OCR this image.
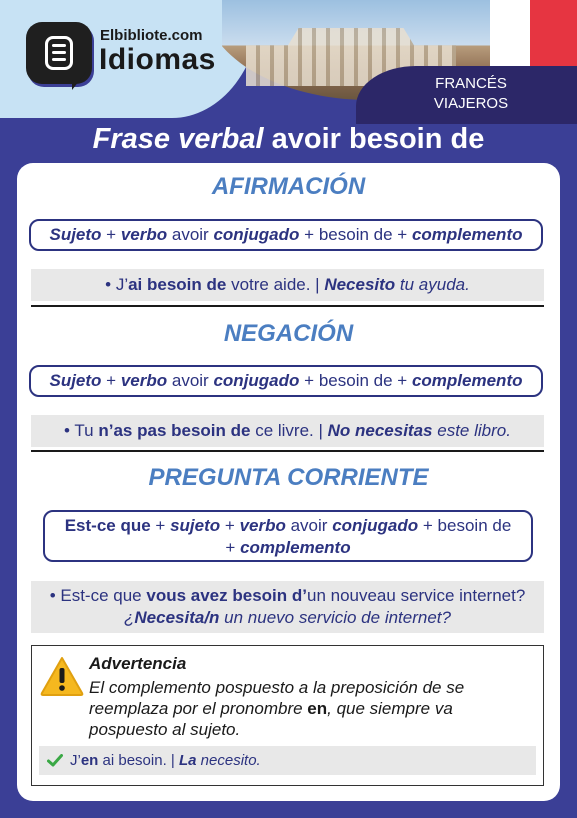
FRANCÉS
VIAJEROS
Elbibliote.com
Idiomas
Frase verbal avoir besoin de
AFIRMACIÓN
Sujeto + verbo avoir conjugado + besoin de + complemento
• J’ai besoin de votre aide. | Necesito tu ayuda.
NEGACIÓN
Sujeto + verbo avoir conjugado + besoin de + complemento
• Tu n’as pas besoin de ce livre. | No necesitas este libro.
PREGUNTA CORRIENTE
Est-ce que + sujeto + verbo avoir conjugado + besoin de
+ complemento
• Est-ce que vous avez besoin d’un nouveau service internet?
¿Necesita/n un nuevo servicio de internet?
Advertencia
El complemento pospuesto a la preposición de se reemplaza por el pronombre en, que siempre va pospuesto al sujeto.
J’en ai besoin. | La necesito.
